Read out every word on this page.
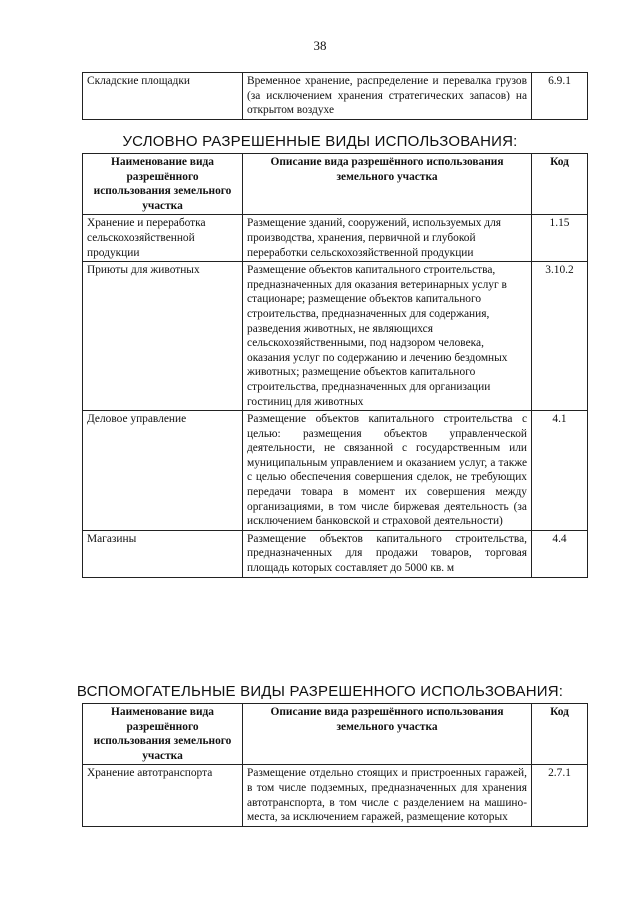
38
Складские площадки	Временное хранение, распределение и перевалка грузов (за исключением хранения стратегических запасов) на открытом воздухе	6.9.1
УСЛОВНО РАЗРЕШЕННЫЕ ВИДЫ ИСПОЛЬЗОВАНИЯ:
Наименование вида разрешённого использования земельного участка	Описание вида разрешённого использования земельного участка	Код
Хранение и переработка сельскохозяйственной продукции	Размещение зданий, сооружений, используемых для производства, хранения, первичной и глубокой переработки сельскохозяйственной продукции	1.15
Приюты для животных	Размещение объектов капитального строительства, предназначенных для оказания ветеринарных услуг в стационаре; размещение объектов капитального строительства, предназначенных для содержания, разведения животных, не являющихся сельскохозяйственными, под надзором человека, оказания услуг по содержанию и лечению бездомных животных; размещение объектов капитального строительства, предназначенных для организации гостиниц для животных	3.10.2
Деловое управление	Размещение объектов капитального строительства с целью: размещения объектов управленческой деятельности, не связанной с государственным или муниципальным управлением и оказанием услуг, а также с целью обеспечения совершения сделок, не требующих передачи товара в момент их совершения между организациями, в том числе биржевая деятельность (за исключением банковской и страховой деятельности)	4.1
Магазины	Размещение объектов капитального строительства, предназначенных для продажи товаров, торговая площадь которых составляет до 5000 кв. м	4.4
ВСПОМОГАТЕЛЬНЫЕ ВИДЫ РАЗРЕШЕННОГО ИСПОЛЬЗОВАНИЯ:
Наименование вида разрешённого использования земельного участка	Описание вида разрешённого использования земельного участка	Код
Хранение автотранспорта	Размещение отдельно стоящих и пристроенных гаражей, в том числе подземных, предназначенных для хранения автотранспорта, в том числе с разделением на машино-места, за исключением гаражей, размещение которых	2.7.1
